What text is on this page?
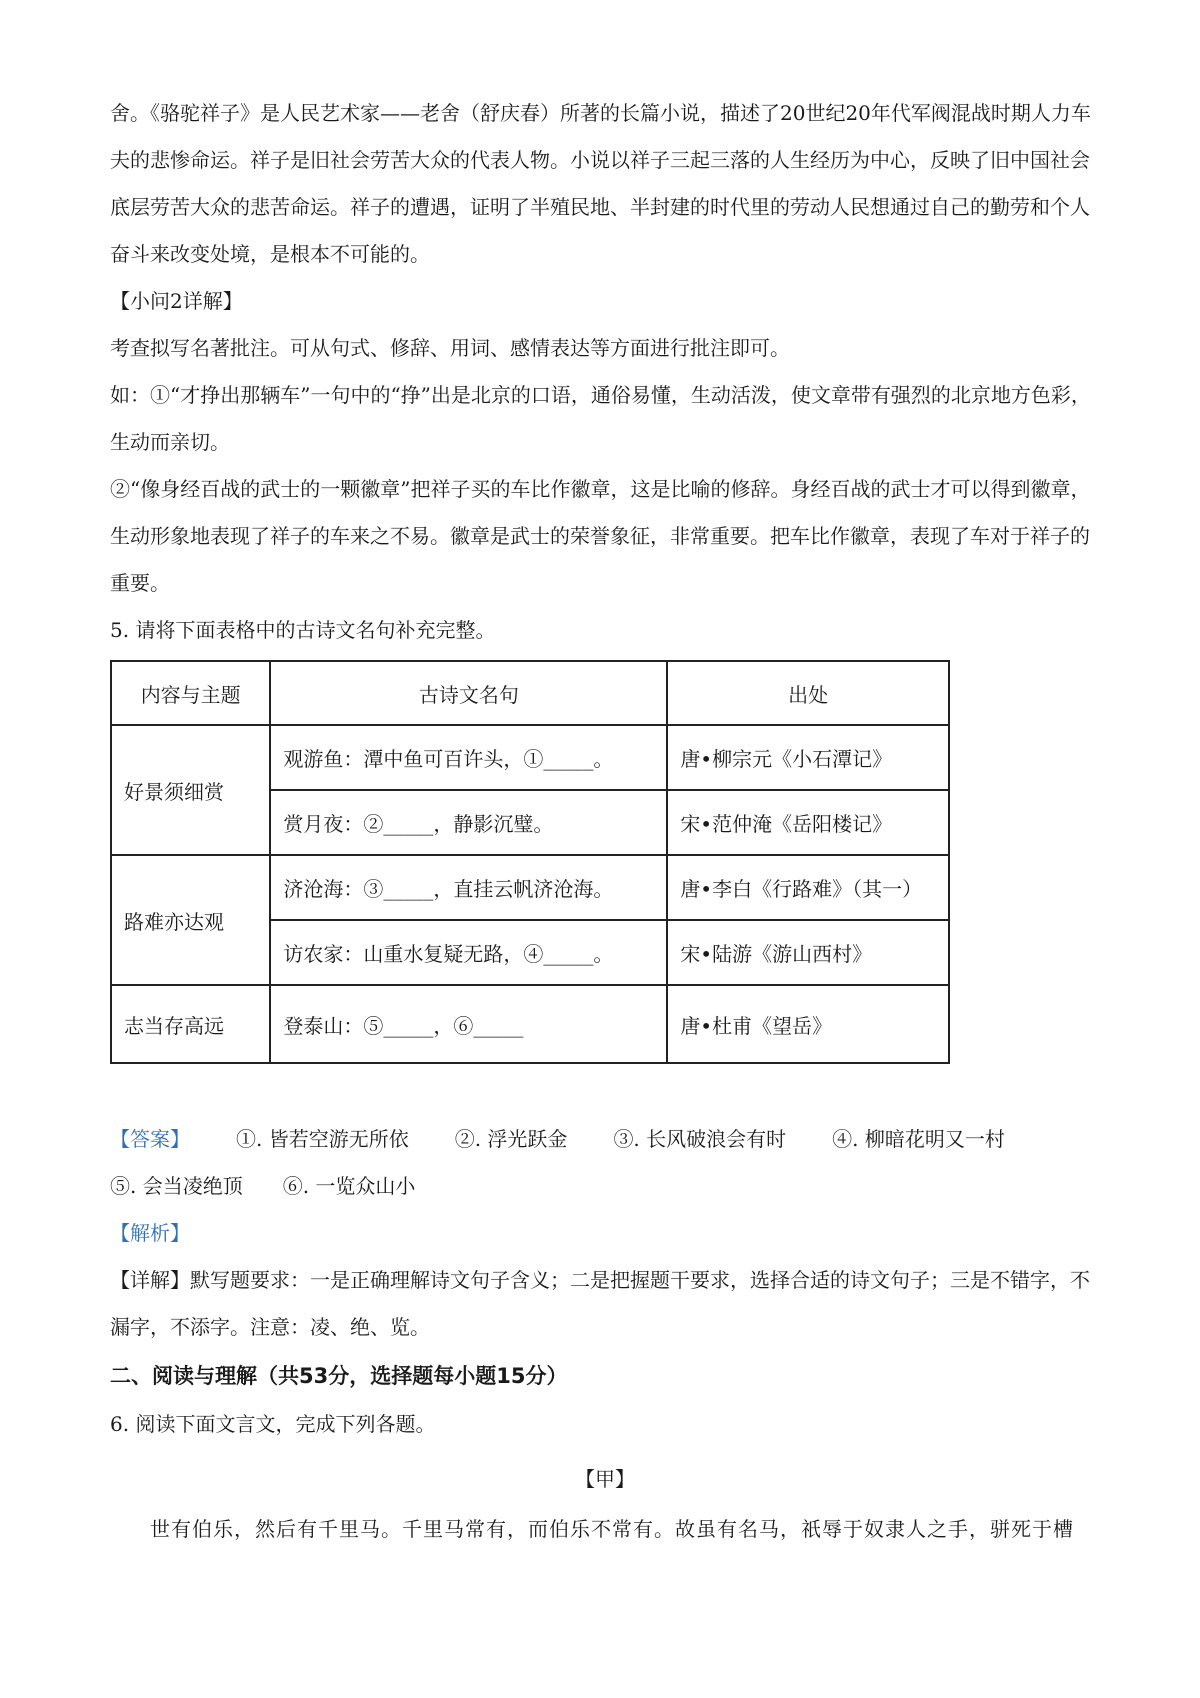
舍。《骆驼祥子》是人民艺术家——老舍（舒庆春）所著的长篇小说，描述了20世纪20年代军阀混战时期人力车夫的悲惨命运。祥子是旧社会劳苦大众的代表人物。小说以祥子三起三落的人生经历为中心，反映了旧中国社会底层劳苦大众的悲苦命运。祥子的遭遇，证明了半殖民地、半封建的时代里的劳动人民想通过自己的勤劳和个人奋斗来改变处境，是根本不可能的。

【小问2详解】

考查拟写名著批注。可从句式、修辞、用词、感情表达等方面进行批注即可。

如：①“才挣出那辆车”一句中的“挣”出是北京的口语，通俗易懂，生动活泼，使文章带有强烈的北京地方色彩，生动而亲切。

②“像身经百战的武士的一颗徽章”把祥子买的车比作徽章，这是比喻的修辞。身经百战的武士才可以得到徽章，生动形象地表现了祥子的车来之不易。徽章是武士的荣誉象征，非常重要。把车比作徽章，表现了车对于祥子的重要。

5. 请将下面表格中的古诗文名句补充完整。

内容与主题	古诗文名句	出处
好景须细赏	观游鱼：潭中鱼可百许头，①_____。	唐•柳宗元《小石潭记》
	赏月夜：②_____，静影沉璧。	宋•范仲淹《岳阳楼记》
路难亦达观	济沧海：③_____，直挂云帆济沧海。	唐•李白《行路难》（其一）
	访农家：山重水复疑无路，④_____。	宋•陆游《游山西村》
志当存高远	登泰山：⑤_____，⑥_____	唐•杜甫《望岳》

【答案】 ①. 皆若空游无所依 ②. 浮光跃金 ③. 长风破浪会有时 ④. 柳暗花明又一村
⑤. 会当凌绝顶 ⑥. 一览众山小

【解析】

【详解】默写题要求：一是正确理解诗文句子含义；二是把握题干要求，选择合适的诗文句子；三是不错字，不漏字，不添字。注意：凌、绝、览。

二、阅读与理解（共53分，选择题每小题15分）

6. 阅读下面文言文，完成下列各题。

【甲】

世有伯乐，然后有千里马。千里马常有，而伯乐不常有。故虽有名马，祇辱于奴隶人之手，骈死于槽
